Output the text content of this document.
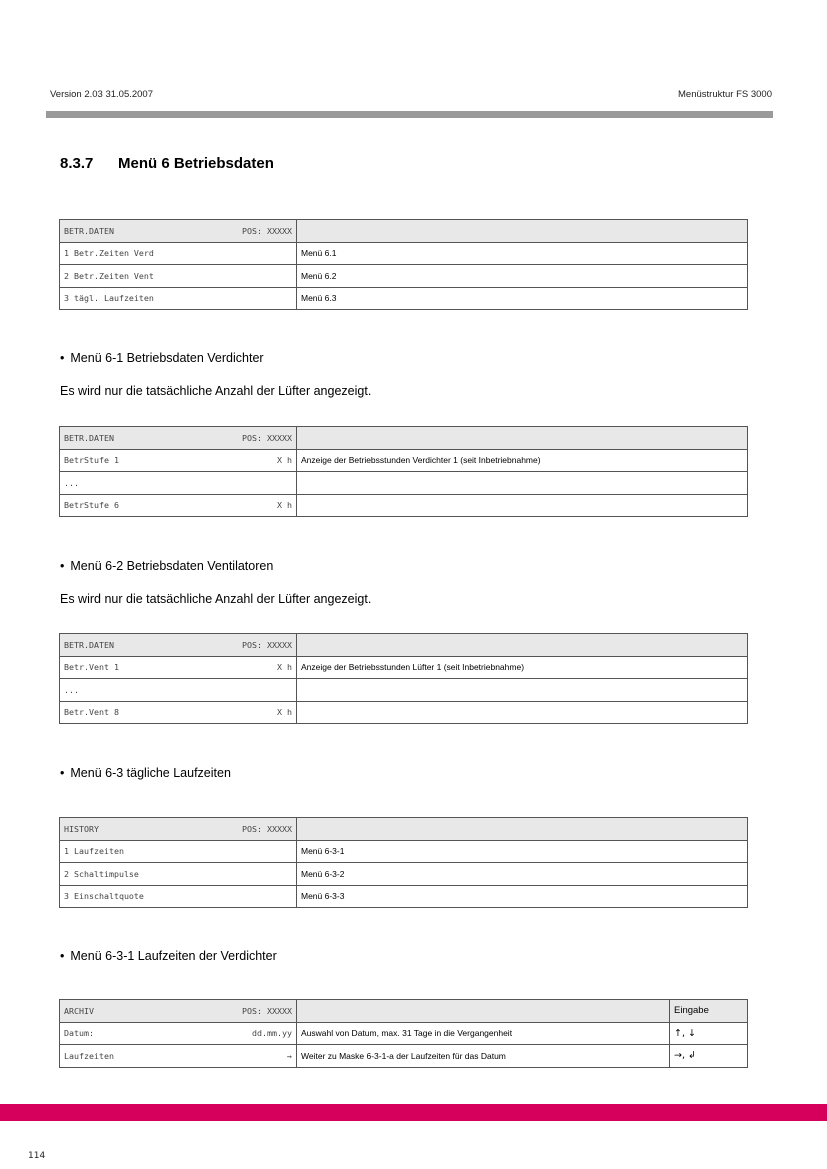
Version 2.03 31.05.2007	Menüstruktur FS 3000
8.3.7 Menü 6 Betriebsdaten
BETR.DATEN POS: XXXXX	

1 Betr.Zeiten Verd	Menü 6.1
2 Betr.Zeiten Vent	Menü 6.2
3 tägl. Laufzeiten	Menü 6.3
• Menü 6-1 Betriebsdaten Verdichter
Es wird nur die tatsächliche Anzahl der Lüfter angezeigt.
BETR.DATEN POS: XXXXX	

BetrStufe 1 X h	Anzeige der Betriebsstunden Verdichter 1 (seit Inbetriebnahme)

...	

BetrStufe 6 X h	

• Menü 6-2 Betriebsdaten Ventilatoren
Es wird nur die tatsächliche Anzahl der Lüfter angezeigt.
BETR.DATEN POS: XXXXX	

Betr.Vent 1 X h	Anzeige der Betriebsstunden Lüfter 1 (seit Inbetriebnahme)

...	

Betr.Vent 8 X h	

• Menü 6-3 tägliche Laufzeiten
HISTORY POS: XXXXX	

1 Laufzeiten	Menü 6-3-1
2 Schaltimpulse	Menü 6-3-2
3 Einschaltquote	Menü 6-3-3
• Menü 6-3-1 Laufzeiten der Verdichter
ARCHIV POS: XXXXX		Eingabe

Datum: dd.mm.yy	Auswahl von Datum, max. 31 Tage in die Vergangenheit	↑, ↓

Laufzeiten →	Weiter zu Maske 6-3-1-a der Laufzeiten für das Datum	→, ↲
114
